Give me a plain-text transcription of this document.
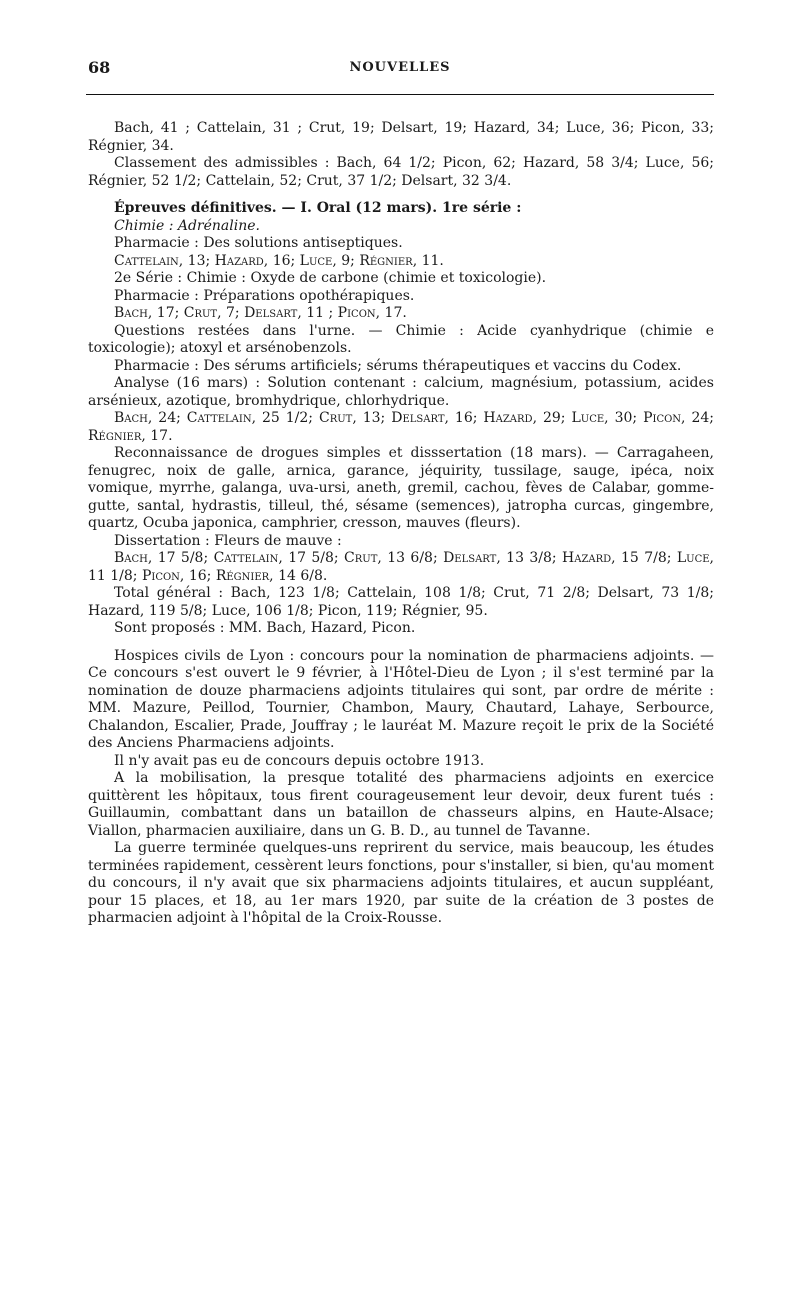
68	NOUVELLES

Bach, 41 ; Cattelain, 31 ; Crut, 19; Delsart, 19; Hazard, 34; Luce, 36; Picon, 33; Régnier, 34.

Classement des admissibles : Bach, 64 1/2; Picon, 62; Hazard, 58 3/4; Luce, 56; Régnier, 52 1/2; Cattelain, 52; Crut, 37 1/2; Delsart, 32 3/4.

Épreuves définitives. — I. Oral (12 mars). 1re série :

Chimie : Adrénaline.

Pharmacie : Des solutions antiseptiques.

Cattelain, 13; Hazard, 16; Luce, 9; Régnier, 11.

2e Série : Chimie : Oxyde de carbone (chimie et toxicologie).

Pharmacie : Préparations opothérapiques.

Bach, 17; Crut, 7; Delsart, 11 ; Picon, 17.

Questions restées dans l'urne. — Chimie : Acide cyanhydrique (chimie e toxicologie); atoxyl et arsénobenzols.

Pharmacie : Des sérums artificiels; sérums thérapeutiques et vaccins du Codex.

Analyse (16 mars) : Solution contenant : calcium, magnésium, potassium, acides arsénieux, azotique, bromhydrique, chlorhydrique.

Bach, 24; Cattelain, 25 1/2; Crut, 13; Delsart, 16; Hazard, 29; Luce, 30; Picon, 24; Régnier, 17.

Reconnaissance de drogues simples et disssertation (18 mars). — Carragaheen, fenugrec, noix de galle, arnica, garance, jéquirity, tussilage, sauge, ipéca, noix vomique, myrrhe, galanga, uva-ursi, aneth, gremil, cachou, fèves de Calabar, gomme-gutte, santal, hydrastis, tilleul, thé, sésame (semences), jatropha curcas, gingembre, quartz, Ocuba japonica, camphrier, cresson, mauves (fleurs).

Dissertation : Fleurs de mauve :

Bach, 17 5/8; Cattelain, 17 5/8; Crut, 13 6/8; Delsart, 13 3/8; Hazard, 15 7/8; Luce, 11 1/8; Picon, 16; Régnier, 14 6/8.

Total général : Bach, 123 1/8; Cattelain, 108 1/8; Crut, 71 2/8; Delsart, 73 1/8; Hazard, 119 5/8; Luce, 106 1/8; Picon, 119; Régnier, 95.

Sont proposés : MM. Bach, Hazard, Picon.

Hospices civils de Lyon : concours pour la nomination de pharmaciens adjoints. — Ce concours s'est ouvert le 9 février, à l'Hôtel-Dieu de Lyon ; il s'est terminé par la nomination de douze pharmaciens adjoints titulaires qui sont, par ordre de mérite : MM. Mazure, Peillod, Tournier, Chambon, Maury, Chautard, Lahaye, Serbource, Chalandon, Escalier, Prade, Jouffray ; le lauréat M. Mazure reçoit le prix de la Société des Anciens Pharmaciens adjoints.

Il n'y avait pas eu de concours depuis octobre 1913.

A la mobilisation, la presque totalité des pharmaciens adjoints en exercice quittèrent les hôpitaux, tous firent courageusement leur devoir, deux furent tués : Guillaumin, combattant dans un bataillon de chasseurs alpins, en Haute-Alsace; Viallon, pharmacien auxiliaire, dans un G. B. D., au tunnel de Tavanne.

La guerre terminée quelques-uns reprirent du service, mais beaucoup, les études terminées rapidement, cessèrent leurs fonctions, pour s'installer, si bien, qu'au moment du concours, il n'y avait que six pharmaciens adjoints titulaires, et aucun suppléant, pour 15 places, et 18, au 1er mars 1920, par suite de la création de 3 postes de pharmacien adjoint à l'hôpital de la Croix-Rousse.
